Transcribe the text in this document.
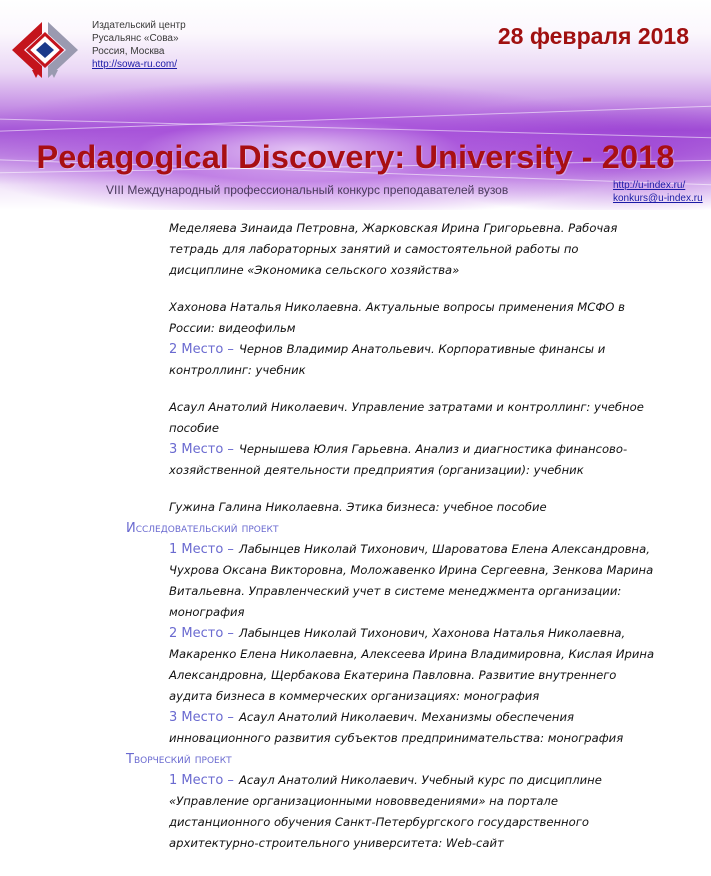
Издательский центр
Русальянс «Сова»
Россия, Москва
http://sowa-ru.com/
28 февраля 2018
Pedagogical Discovery: University - 2018
VIII Международный профессиональный конкурс преподавателей вузов	http://u-index.ru/
konkurs@u-index.ru
Меделяева Зинаида Петровна, Жарковская Ирина Григорьевна. Рабочая
тетрадь для лабораторных занятий и самостоятельной работы по
дисциплине «Экономика сельского хозяйства»
Хахонова Наталья Николаевна. Актуальные вопросы применения МСФО в
России: видеофильм
2 Место – Чернов Владимир Анатольевич. Корпоративные финансы и
контроллинг: учебник
Асаул Анатолий Николаевич. Управление затратами и контроллинг: учебное
пособие
3 Место – Чернышева Юлия Гарьевна. Анализ и диагностика финансово-
хозяйственной деятельности предприятия (организации): учебник
Гужина Галина Николаевна. Этика бизнеса: учебное пособие
Исследовательский проект
1 Место – Лабынцев Николай Тихонович, Шароватова Елена Александровна,
Чухрова Оксана Викторовна, Моложавенко Ирина Сергеевна, Зенкова Марина
Витальевна. Управленческий учет в системе менеджмента организации:
монография
2 Место – Лабынцев Николай Тихонович, Хахонова Наталья Николаевна,
Макаренко Елена Николаевна, Алексеева Ирина Владимировна, Кислая Ирина
Александровна, Щербакова Екатерина Павловна. Развитие внутреннего
аудита бизнеса в коммерческих организациях: монография
3 Место – Асаул Анатолий Николаевич. Механизмы обеспечения
инновационного развития субъектов предпринимательства: монография
Творческий проект
1 Место – Асаул Анатолий Николаевич. Учебный курс по дисциплине
«Управление организационными нововведениями» на портале
дистанционного обучения Санкт-Петербургского государственного
архитектурно-строительного университета: Web-сайт
